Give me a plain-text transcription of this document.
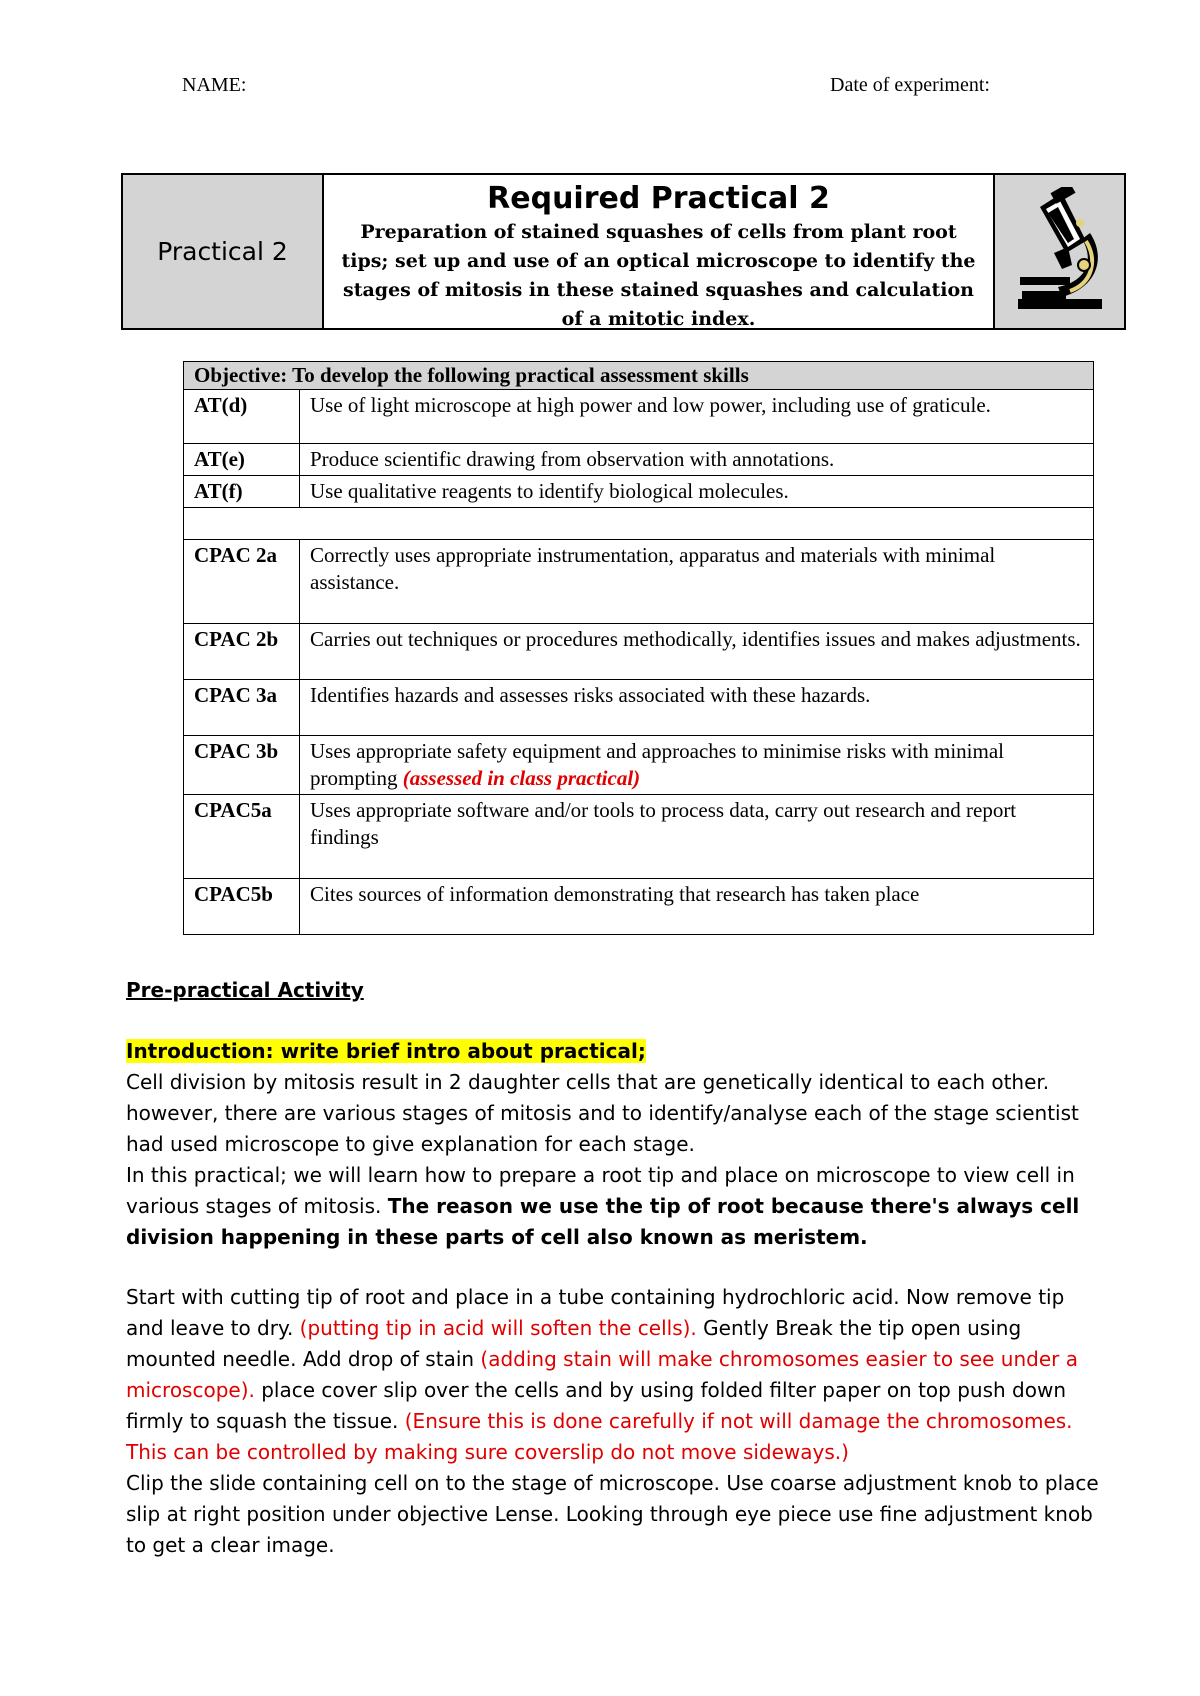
NAME:	Date of experiment:
Practical 2
Required Practical 2
Preparation of stained squashes of cells from plant root tips; set up and use of an optical microscope to identify the stages of mitosis in these stained squashes and calculation of a mitotic index.
Objective: To develop the following practical assessment skills	
AT(d)	Use of light microscope at high power and low power, including use of graticule.
AT(e)	Produce scientific drawing from observation with annotations.
AT(f)	Use qualitative reagents to identify biological molecules.

CPAC 2a	Correctly uses appropriate instrumentation, apparatus and materials with minimal assistance.
CPAC 2b	Carries out techniques or procedures methodically, identifies issues and makes adjustments.
CPAC 3a	Identifies hazards and assesses risks associated with these hazards.
CPAC 3b	Uses appropriate safety equipment and approaches to minimise risks with minimal prompting (assessed in class practical)
CPAC5a	Uses appropriate software and/or tools to process data, carry out research and report findings
CPAC5b	Cites sources of information demonstrating that research has taken place

Pre-practical Activity

Introduction: write brief intro about practical;

Cell division by mitosis result in 2 daughter cells that are genetically identical to each other. however, there are various stages of mitosis and to identify/analyse each of the stage scientist had used microscope to give explanation for each stage.

In this practical; we will learn how to prepare a root tip and place on microscope to view cell in various stages of mitosis. The reason we use the tip of root because there's always cell division happening in these parts of cell also known as meristem.

Start with cutting tip of root and place in a tube containing hydrochloric acid. Now remove tip and leave to dry. (putting tip in acid will soften the cells). Gently Break the tip open using mounted needle. Add drop of stain (adding stain will make chromosomes easier to see under a microscope). place cover slip over the cells and by using folded filter paper on top push down firmly to squash the tissue. (Ensure this is done carefully if not will damage the chromosomes. This can be controlled by making sure coverslip do not move sideways.)

Clip the slide containing cell on to the stage of microscope. Use coarse adjustment knob to place slip at right position under objective Lense. Looking through eye piece use fine adjustment knob to get a clear image.
